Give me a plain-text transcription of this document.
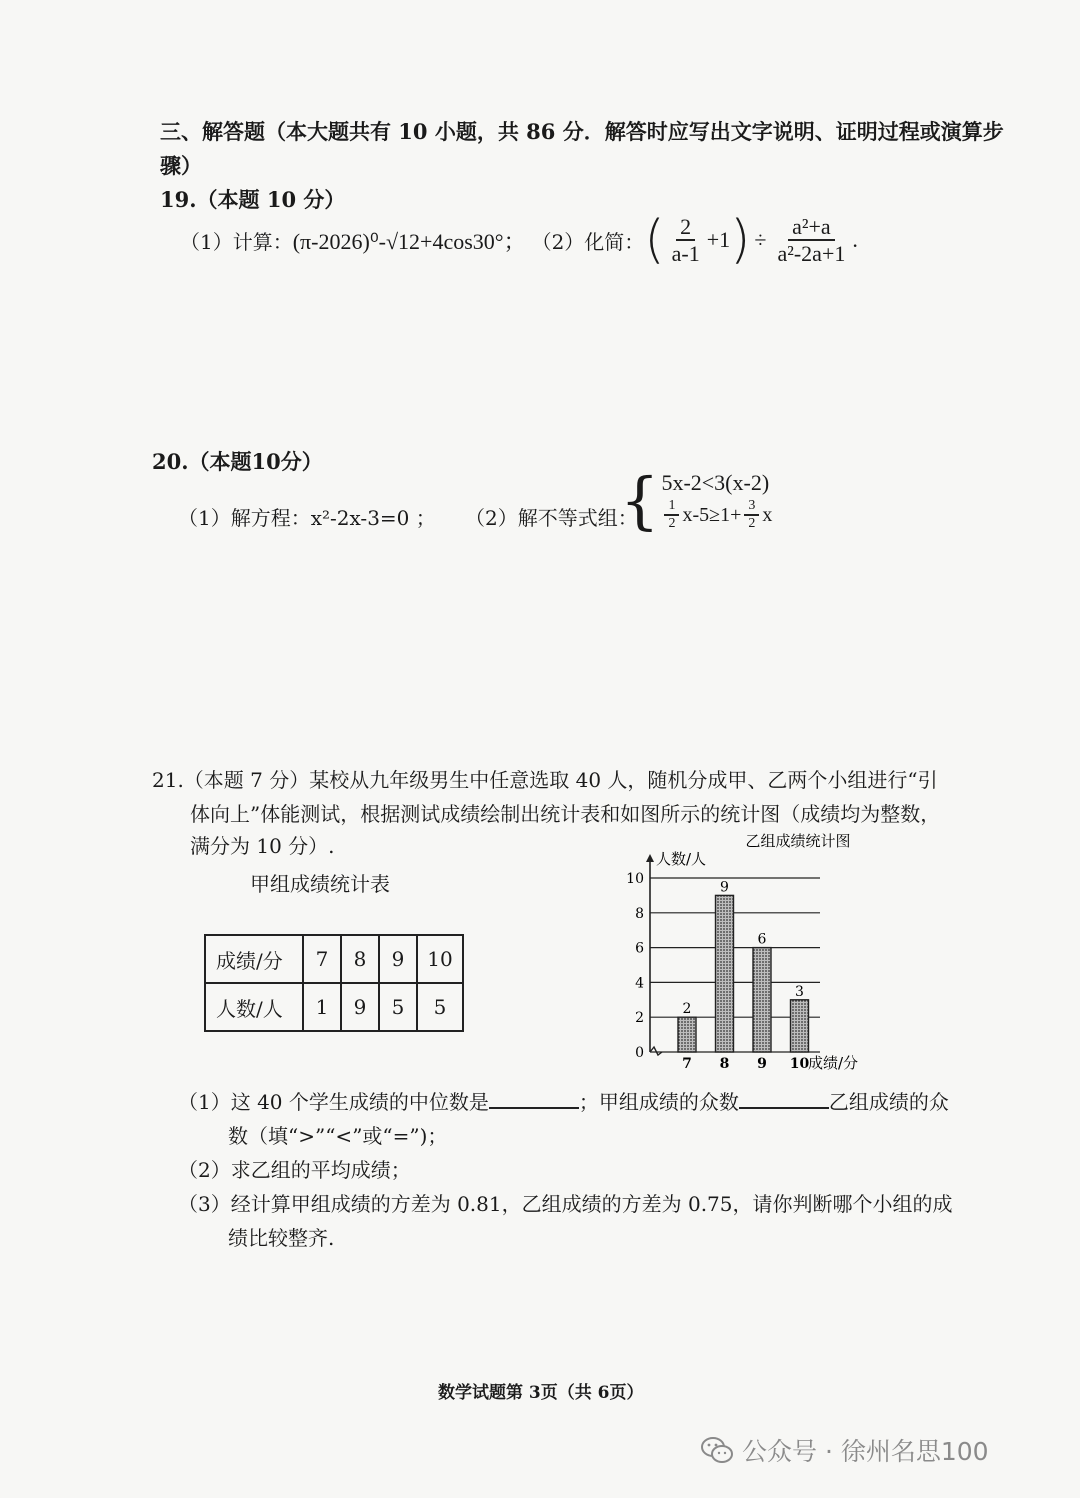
三、解答题（本大题共有 10 小题，共 86 分．解答时应写出文字说明、证明过程或演算步
骤）
19.（本题 10 分）
（1）计算： (π-2026)⁰-√12+4cos30°； （2）化简： ( $\frac{2}{a-1} +1$ ) ÷ $\frac{\text{a²+a}}{\text{a²-2a+1}}$ .
20.（本题10分）
（1）解方程：x²-2x-3=0 ； （2）解不等式组：
{ 5x-2<3(x-2)
$\frac{1}{2} x-5\ge 1+ \frac{3}{2}$ x
21.（本题 7 分）某校从九年级男生中任意选取 40 人，随机分成甲、乙两个小组进行“引
体向上”体能测试，根据测试成绩绘制出统计表和如图所示的统计图（成绩均为整数，
满分为 10 分）.
甲组成绩统计表
成绩/分	7	8	9	10
人数/人	1	9	5	5
乙组成绩统计图
人数/人
成绩/分
0
2
4
6
8
10
2
7
9
8
6
9
3
10
（1）这 40 个学生成绩的中位数是	；甲组成绩的众数	乙组成绩的众
数（填“>”“<”或“=”)；
（2）求乙组的平均成绩；
（3）经计算甲组成绩的方差为 0.81，乙组成绩的方差为 0.75，请你判断哪个小组的成
绩比较整齐.
数学试题第 3页（共 6页）
公众号 · 徐州名思100
